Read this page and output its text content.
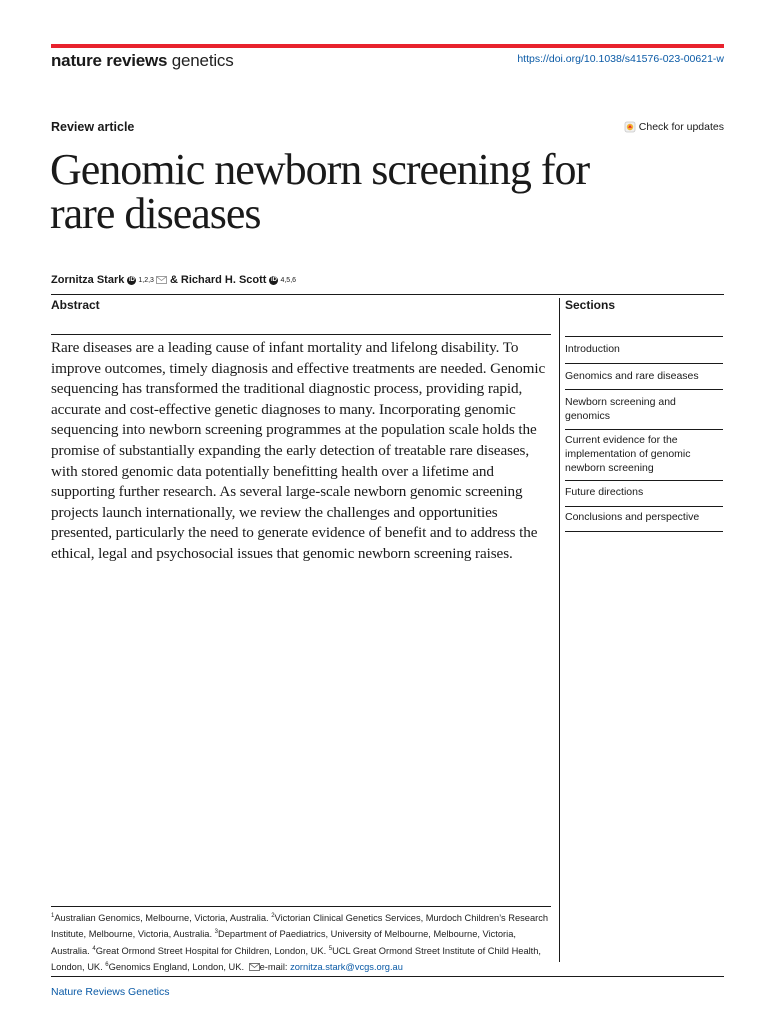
nature reviews genetics	https://doi.org/10.1038/s41576-023-00621-w
Review article	Check for updates
Genomic newborn screening for rare diseases
Zornitza Stark iD 1,2,3 & Richard H. Scott iD 4,5,6
Abstract

Rare diseases are a leading cause of infant mortality and lifelong disability. To improve outcomes, timely diagnosis and effective treatments are needed. Genomic sequencing has transformed the traditional diagnostic process, providing rapid, accurate and cost-effective genetic diagnoses to many. Incorporating genomic sequencing into newborn screening programmes at the population scale holds the promise of substantially expanding the early detection of treatable rare diseases, with stored genomic data potentially benefitting health over a lifetime and supporting further research. As several large-scale newborn genomic screening projects launch internationally, we review the challenges and opportunities presented, particularly the need to generate evidence of benefit and to address the ethical, legal and psychosocial issues that genomic newborn screening raises.

Sections
Introduction
Genomics and rare diseases
Newborn screening and genomics
Current evidence for the implementation of genomic newborn screening
Future directions
Conclusions and perspective

$^1$Australian Genomics, Melbourne, Victoria, Australia. $^2$Victorian Clinical Genetics Services, Murdoch Children’s Research Institute, Melbourne, Victoria, Australia. $^3$Department of Paediatrics, University of Melbourne, Melbourne, Victoria, Australia. $^4$Great Ormond Street Hospital for Children, London, UK. $^5$UCL Great Ormond Street Institute of Child Health, London, UK. $^6$Genomics England, London, UK. e-mail: zornitza.stark@vcgs.org.au

Nature Reviews Genetics
